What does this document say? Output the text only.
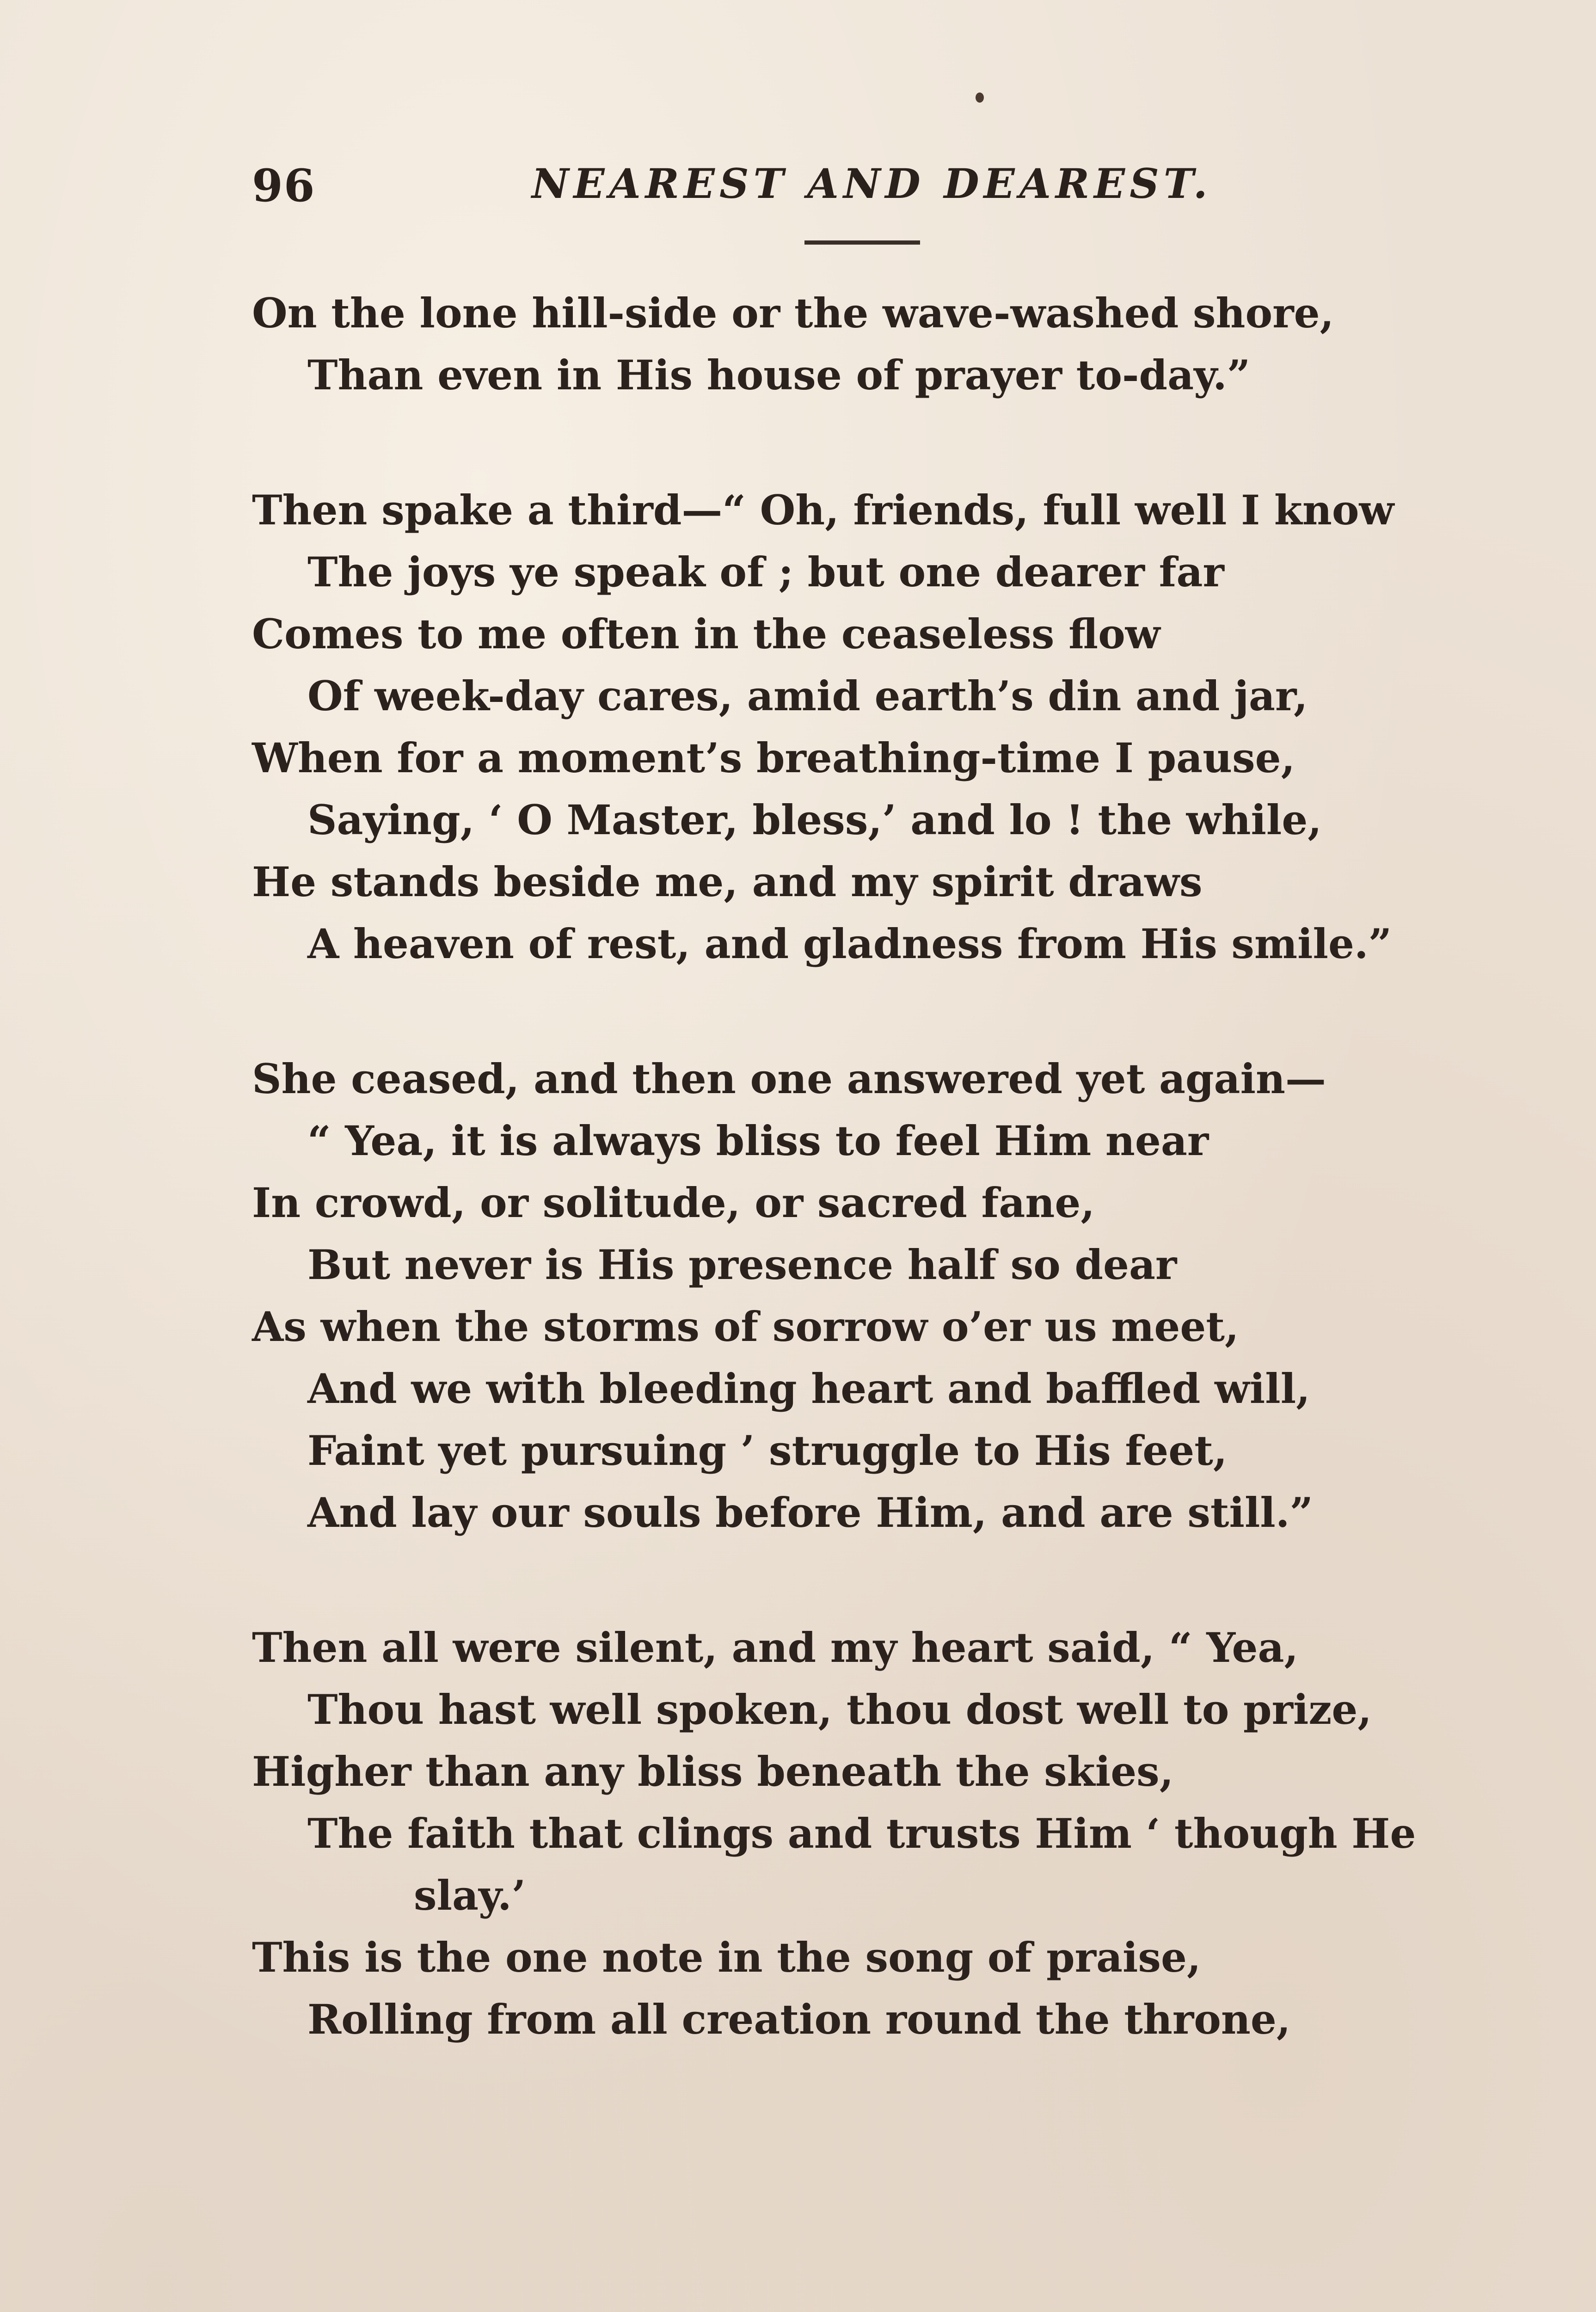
96	NEAREST AND DEAREST.
On the lone hill-side or the wave-washed shore,
Than even in His house of prayer to-day.”
Then spake a third—“ Oh, friends, full well I know
The joys ye speak of ; but one dearer far
Comes to me often in the ceaseless flow
Of week-day cares, amid earth’s din and jar,
When for a moment’s breathing-time I pause,
Saying, ‘ O Master, bless,’ and lo ! the while,
He stands beside me, and my spirit draws
A heaven of rest, and gladness from His smile.”
She ceased, and then one answered yet again—
“ Yea, it is always bliss to feel Him near
In crowd, or solitude, or sacred fane,
But never is His presence half so dear
As when the storms of sorrow o’er us meet,
And we with bleeding heart and baffled will,
Faint yet pursuing ’ struggle to His feet,
And lay our souls before Him, and are still.”
Then all were silent, and my heart said, “ Yea,
Thou hast well spoken, thou dost well to prize,
Higher than any bliss beneath the skies,
The faith that clings and trusts Him ‘ though He
slay.’
This is the one note in the song of praise,
Rolling from all creation round the throne,
